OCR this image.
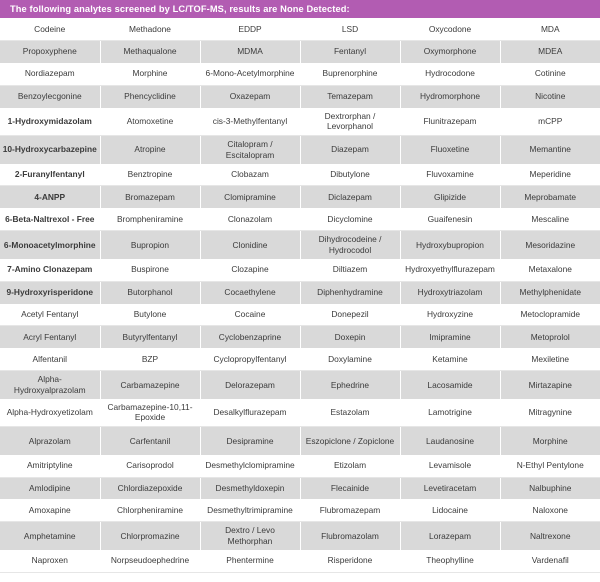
The following analytes screened by LC/TOF-MS, results are None Detected:
Codeine	Methadone	EDDP	LSD	Oxycodone	MDA
Propoxyphene	Methaqualone	MDMA	Fentanyl	Oxymorphone	MDEA
Nordiazepam	Morphine	6-Mono-Acetylmorphine	Buprenorphine	Hydrocodone	Cotinine
Benzoylecgonine	Phencyclidine	Oxazepam	Temazepam	Hydromorphone	Nicotine
1-Hydroxymidazolam	Atomoxetine	cis-3-Methylfentanyl	Dextrorphan / Levorphanol	Flunitrazepam	mCPP
10-Hydroxycarbazepine	Atropine	Citalopram / Escitalopram	Diazepam	Fluoxetine	Memantine
2-Furanylfentanyl	Benztropine	Clobazam	Dibutylone	Fluvoxamine	Meperidine
4-ANPP	Bromazepam	Clomipramine	Diclazepam	Glipizide	Meprobamate
6-Beta-Naltrexol - Free	Brompheniramine	Clonazolam	Dicyclomine	Guaifenesin	Mescaline
6-Monoacetylmorphine	Bupropion	Clonidine	Dihydrocodeine / Hydrocodol	Hydroxybupropion	Mesoridazine
7-Amino Clonazepam	Buspirone	Clozapine	Diltiazem	Hydroxyethylflurazepam	Metaxalone
9-Hydroxyrisperidone	Butorphanol	Cocaethylene	Diphenhydramine	Hydroxytriazolam	Methylphenidate
Acetyl Fentanyl	Butylone	Cocaine	Donepezil	Hydroxyzine	Metoclopramide
Acryl Fentanyl	Butyrylfentanyl	Cyclobenzaprine	Doxepin	Imipramine	Metoprolol
Alfentanil	BZP	Cyclopropylfentanyl	Doxylamine	Ketamine	Mexiletine
Alpha-Hydroxyalprazolam	Carbamazepine	Delorazepam	Ephedrine	Lacosamide	Mirtazapine
Alpha-Hydroxyetizolam	Carbamazepine-10,11-Epoxide	Desalkylflurazepam	Estazolam	Lamotrigine	Mitragynine
Alprazolam	Carfentanil	Desipramine	Eszopiclone / Zopiclone	Laudanosine	Morphine
Amitriptyline	Carisoprodol	Desmethylclomipramine	Etizolam	Levamisole	N-Ethyl Pentylone
Amlodipine	Chlordiazepoxide	Desmethyldoxepin	Flecainide	Levetiracetam	Nalbuphine
Amoxapine	Chlorpheniramine	Desmethyltrimipramine	Flubromazepam	Lidocaine	Naloxone
Amphetamine	Chlorpromazine	Dextro / Levo Methorphan	Flubromazolam	Lorazepam	Naltrexone
Naproxen	Norpseudoephedrine	Phentermine	Risperidone	Theophylline	Vardenafil
